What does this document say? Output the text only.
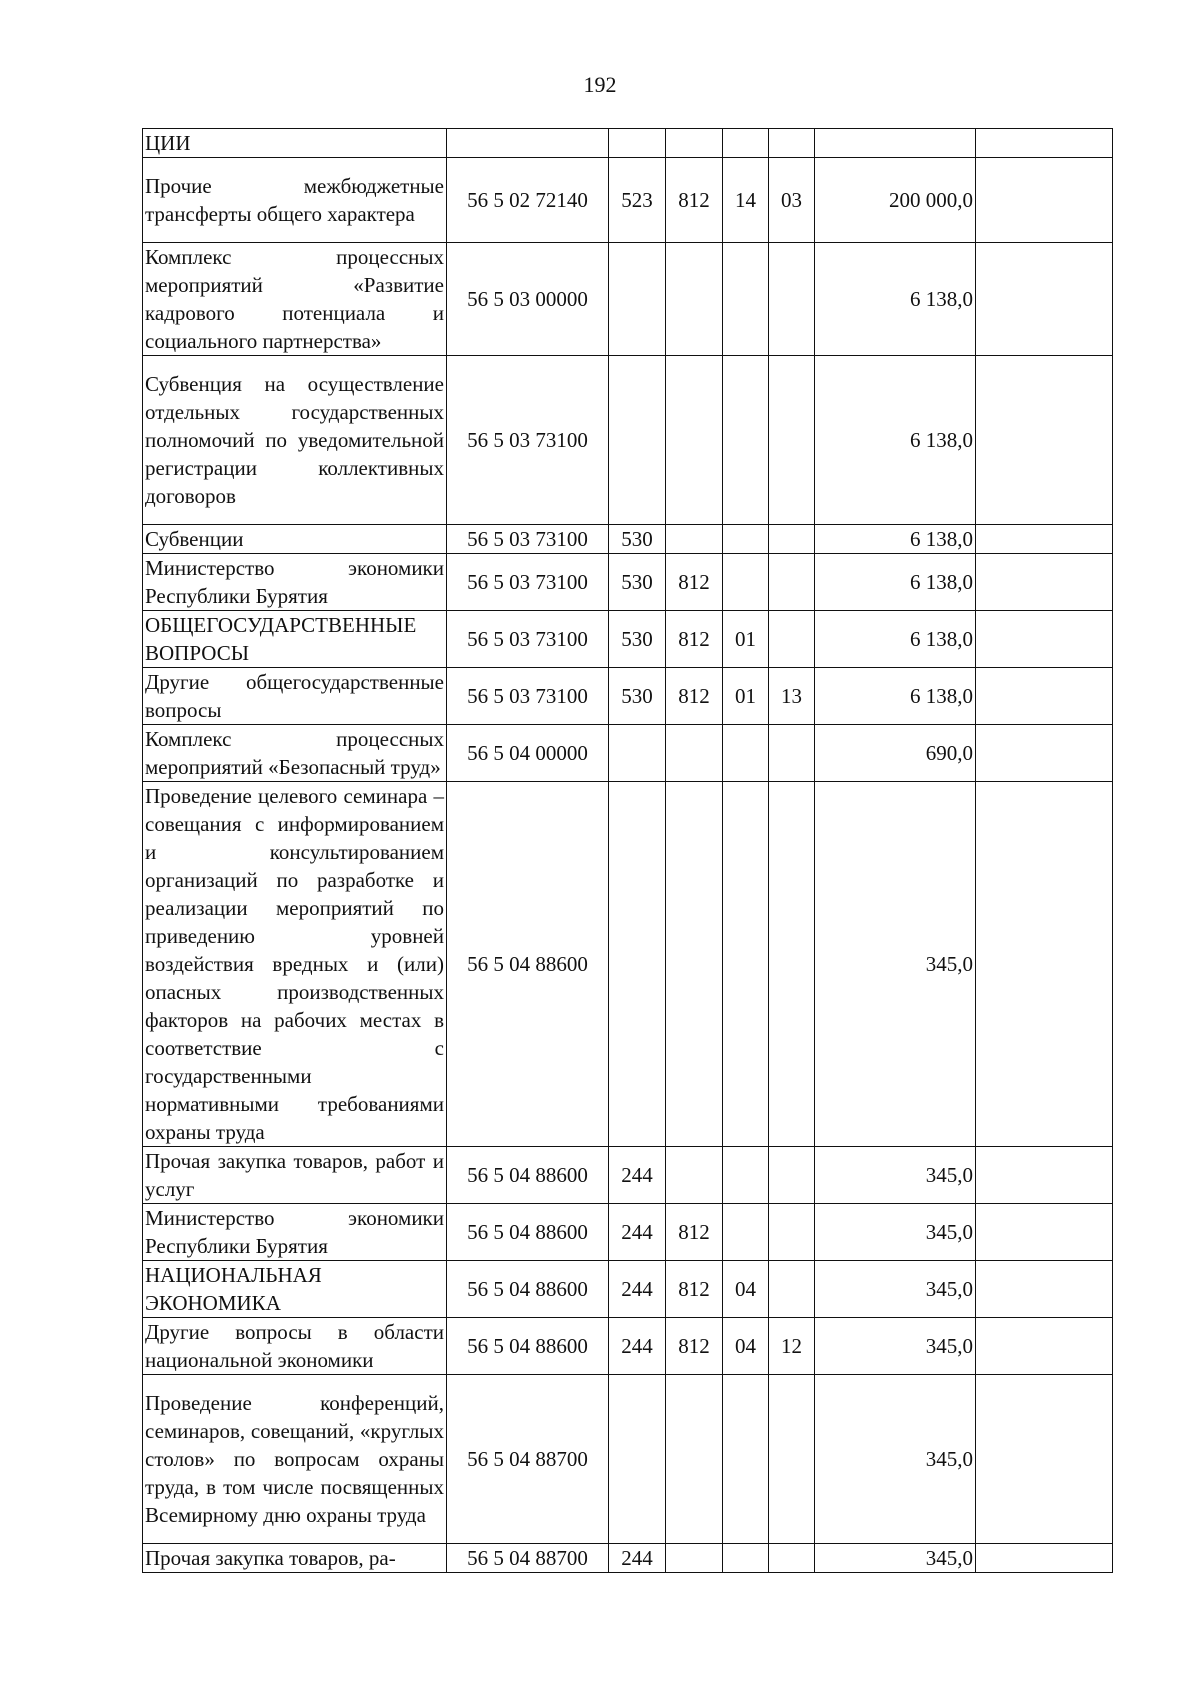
192
ЦИИ							
Прочие межбюджетные трансферты общего характера	56 5 02 72140	523	812	14	03	200 000,0	
Комплекс процессных мероприятий «Развитие кадрового потенциала и социального партнерства»	56 5 03 00000					6 138,0	
Субвенция на осуществление отдельных государственных полномочий по уведомительной регистрации коллективных договоров	56 5 03 73100					6 138,0	
Субвенции	56 5 03 73100	530				6 138,0	
Министерство экономики Республики Бурятия	56 5 03 73100	530	812			6 138,0	
ОБЩЕГОСУДАРСТВЕННЫЕ ВОПРОСЫ	56 5 03 73100	530	812	01		6 138,0	
Другие общегосударственные вопросы	56 5 03 73100	530	812	01	13	6 138,0	
Комплекс процессных мероприятий «Безопасный труд»	56 5 04 00000					690,0	
Проведение целевого семинара – совещания с информированием и консультированием организаций по разработке и реализации мероприятий по приведению уровней воздействия вредных и (или) опасных производственных факторов на рабочих местах в соответствие с государственными нормативными требованиями охраны труда	56 5 04 88600					345,0	
Прочая закупка товаров, работ и услуг	56 5 04 88600	244				345,0	
Министерство экономики Республики Бурятия	56 5 04 88600	244	812			345,0	
НАЦИОНАЛЬНАЯ ЭКОНОМИКА	56 5 04 88600	244	812	04		345,0	
Другие вопросы в области национальной экономики	56 5 04 88600	244	812	04	12	345,0	
Проведение конференций, семинаров, совещаний, «круглых столов» по вопросам охраны труда, в том числе посвященных Всемирному дню охраны труда	56 5 04 88700					345,0	
Прочая закупка товаров, ра-	56 5 04 88700	244				345,0	
